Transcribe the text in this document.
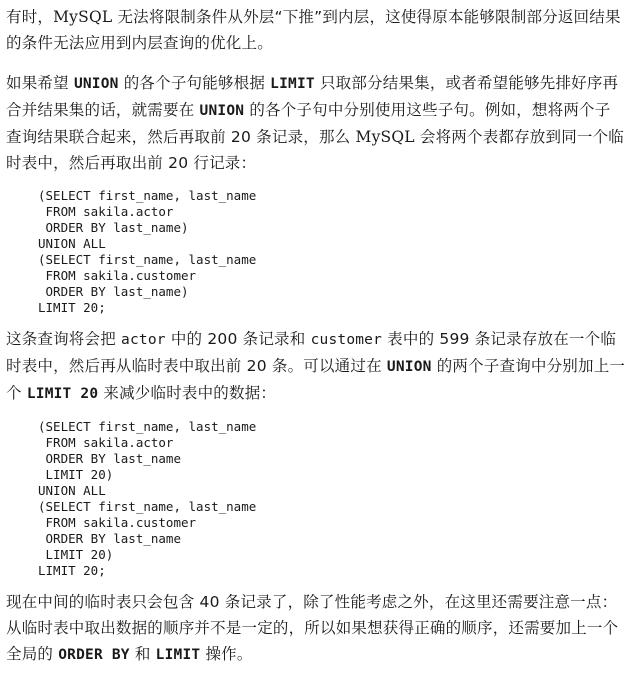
有时，MySQL 无法将限制条件从外层“下推”到内层，这使得原本能够限制部分返回结果的条件无法应用到内层查询的优化上。

如果希望 UNION 的各个子句能够根据 LIMIT 只取部分结果集，或者希望能够先排好序再合并结果集的话，就需要在 UNION 的各个子句中分别使用这些子句。例如，想将两个子查询结果联合起来，然后再取前 20 条记录，那么 MySQL 会将两个表都存放到同一个临时表中，然后再取出前 20 行记录：

(SELECT first_name, last_name
FROM sakila.actor
ORDER BY last_name)
UNION ALL
(SELECT first_name, last_name
FROM sakila.customer
ORDER BY last_name)
LIMIT 20;

这条查询将会把 actor 中的 200 条记录和 customer 表中的 599 条记录存放在一个临时表中，然后再从临时表中取出前 20 条。可以通过在 UNION 的两个子查询中分别加上一个 LIMIT 20 来减少临时表中的数据：

(SELECT first_name, last_name
FROM sakila.actor
ORDER BY last_name
LIMIT 20)
UNION ALL
(SELECT first_name, last_name
FROM sakila.customer
ORDER BY last_name
LIMIT 20)
LIMIT 20;

现在中间的临时表只会包含 40 条记录了，除了性能考虑之外，在这里还需要注意一点：从临时表中取出数据的顺序并不是一定的，所以如果想获得正确的顺序，还需要加上一个全局的 ORDER BY 和 LIMIT 操作。
